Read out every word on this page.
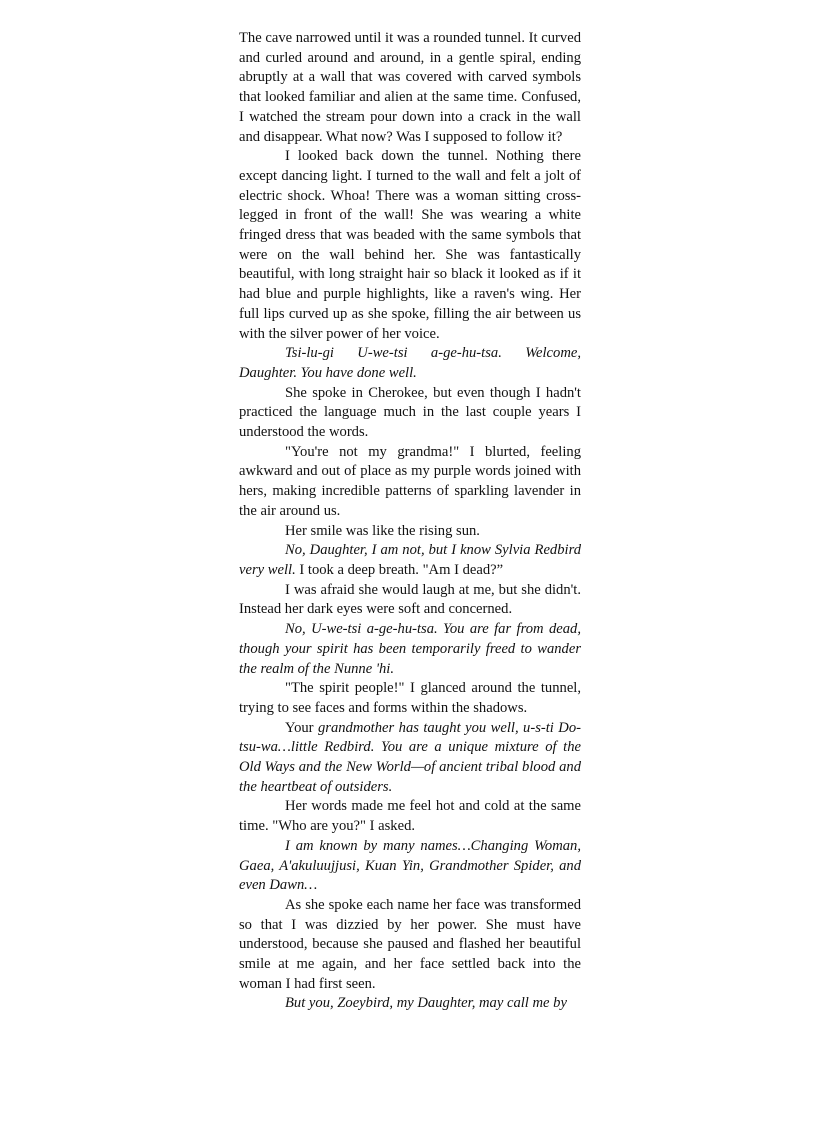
The cave narrowed until it was a rounded tunnel. It curved and curled around and around, in a gentle spiral, ending abruptly at a wall that was covered with carved symbols that looked familiar and alien at the same time. Confused, I watched the stream pour down into a crack in the wall and disappear. What now? Was I supposed to follow it?

I looked back down the tunnel. Nothing there except dancing light. I turned to the wall and felt a jolt of electric shock. Whoa! There was a woman sitting cross-legged in front of the wall! She was wearing a white fringed dress that was beaded with the same symbols that were on the wall behind her. She was fantastically beautiful, with long straight hair so black it looked as if it had blue and purple highlights, like a raven's wing. Her full lips curved up as she spoke, filling the air between us with the silver power of her voice.

Tsi-lu-gi U-we-tsi a-ge-hu-tsa. Welcome, Daughter. You have done well.

She spoke in Cherokee, but even though I hadn't practiced the language much in the last couple years I understood the words.

"You're not my grandma!" I blurted, feeling awkward and out of place as my purple words joined with hers, making incredible patterns of sparkling lavender in the air around us.

Her smile was like the rising sun.

No, Daughter, I am not, but I know Sylvia Redbird very well. I took a deep breath. "Am I dead?”

I was afraid she would laugh at me, but she didn't. Instead her dark eyes were soft and concerned.

No, U-we-tsi a-ge-hu-tsa. You are far from dead, though your spirit has been temporarily freed to wander the realm of the Nunne 'hi.

"The spirit people!" I glanced around the tunnel, trying to see faces and forms within the shadows.

Your grandmother has taught you well, u-s-ti Do-tsu-wa…little Redbird. You are a unique mixture of the Old Ways and the New World—of ancient tribal blood and the heartbeat of outsiders.

Her words made me feel hot and cold at the same time. "Who are you?" I asked.

I am known by many names…Changing Woman, Gaea, A'akuluujjusi, Kuan Yin, Grandmother Spider, and even Dawn…

As she spoke each name her face was transformed so that I was dizzied by her power. She must have understood, because she paused and flashed her beautiful smile at me again, and her face settled back into the woman I had first seen.

But you, Zoeybird, my Daughter, may call me by
